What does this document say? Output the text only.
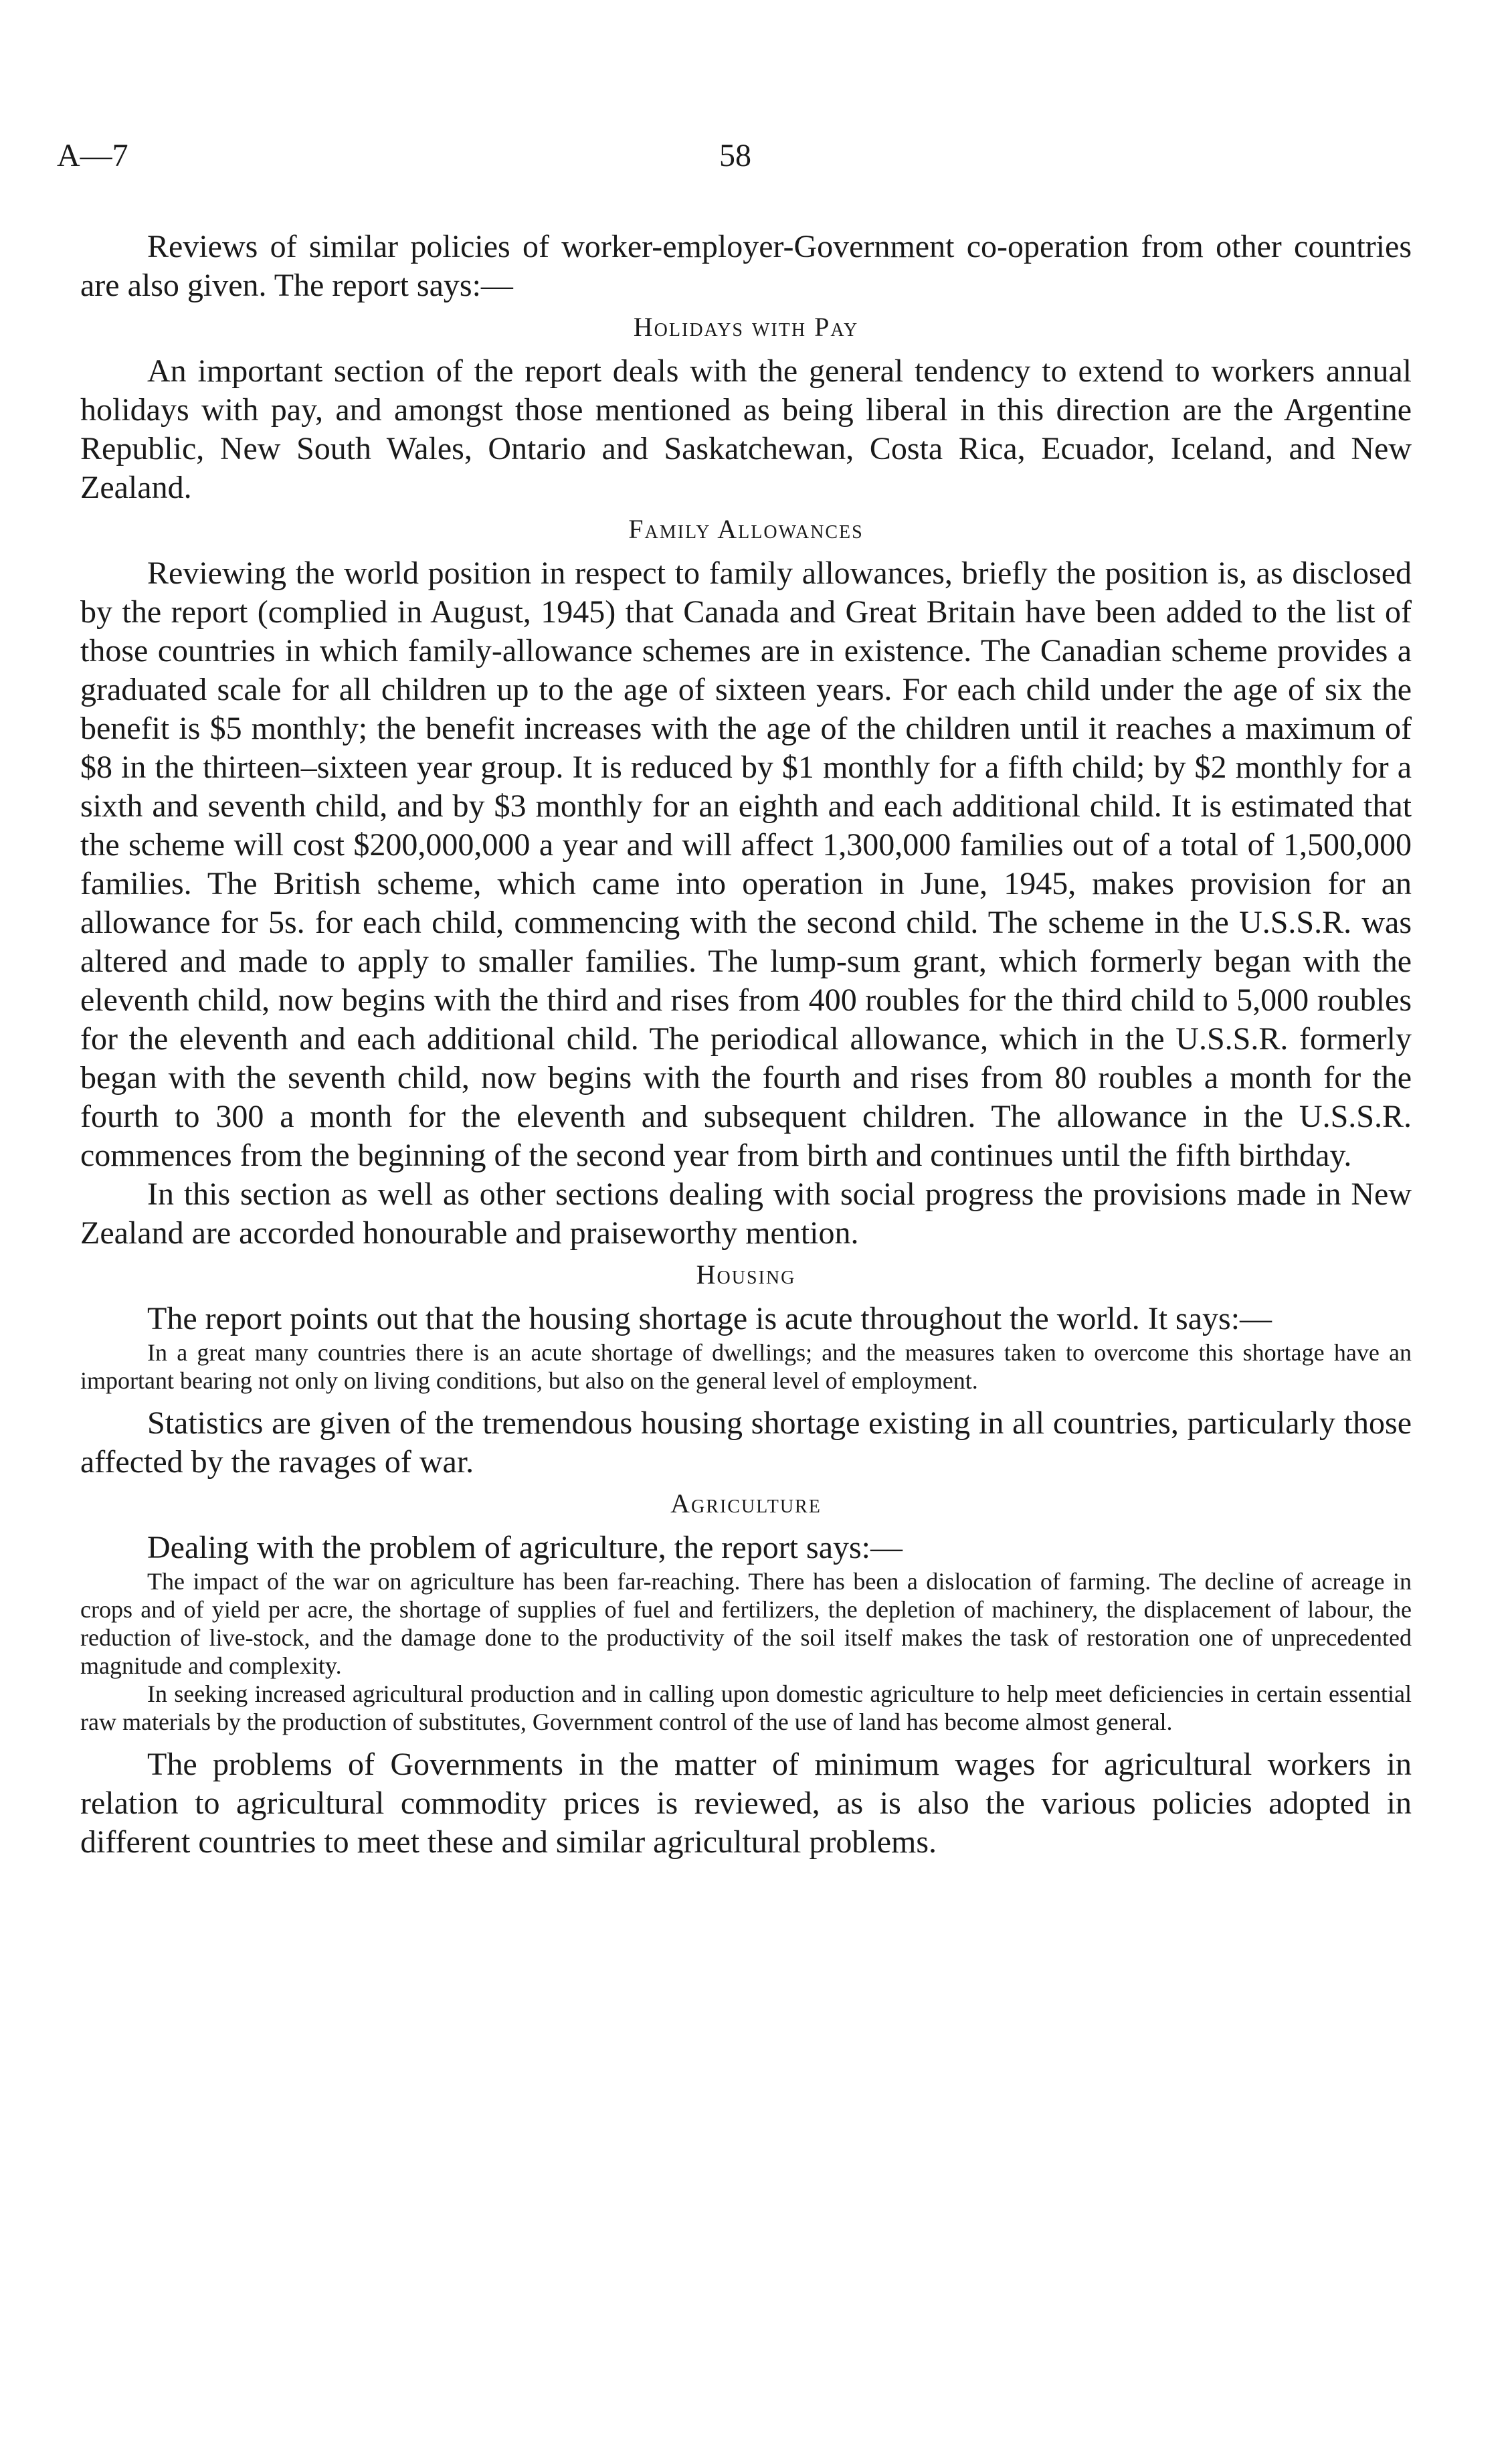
A—7	58

Reviews of similar policies of worker-employer-Government co-operation from other countries are also given. The report says:—

Holidays with Pay

An important section of the report deals with the general tendency to extend to workers annual holidays with pay, and amongst those mentioned as being liberal in this direction are the Argentine Republic, New South Wales, Ontario and Saskatchewan, Costa Rica, Ecuador, Iceland, and New Zealand.

Family Allowances

Reviewing the world position in respect to family allowances, briefly the position is, as disclosed by the report (complied in August, 1945) that Canada and Great Britain have been added to the list of those countries in which family-allowance schemes are in existence. The Canadian scheme provides a graduated scale for all children up to the age of sixteen years. For each child under the age of six the benefit is $5 monthly; the benefit increases with the age of the children until it reaches a maximum of $8 in the thirteen–sixteen year group. It is reduced by $1 monthly for a fifth child; by $2 monthly for a sixth and seventh child, and by $3 monthly for an eighth and each additional child. It is estimated that the scheme will cost $200,000,000 a year and will affect 1,300,000 families out of a total of 1,500,000 families. The British scheme, which came into operation in June, 1945, makes provision for an allowance for 5s. for each child, commencing with the second child. The scheme in the U.S.S.R. was altered and made to apply to smaller families. The lump-sum grant, which formerly began with the eleventh child, now begins with the third and rises from 400 roubles for the third child to 5,000 roubles for the eleventh and each additional child. The periodical allowance, which in the U.S.S.R. formerly began with the seventh child, now begins with the fourth and rises from 80 roubles a month for the fourth to 300 a month for the eleventh and subsequent children. The allowance in the U.S.S.R. commences from the beginning of the second year from birth and continues until the fifth birthday.

In this section as well as other sections dealing with social progress the provisions made in New Zealand are accorded honourable and praiseworthy mention.

Housing

The report points out that the housing shortage is acute throughout the world. It says:—

In a great many countries there is an acute shortage of dwellings; and the measures taken to overcome this shortage have an important bearing not only on living conditions, but also on the general level of employment.

Statistics are given of the tremendous housing shortage existing in all countries, particularly those affected by the ravages of war.

Agriculture

Dealing with the problem of agriculture, the report says:—

The impact of the war on agriculture has been far-reaching. There has been a dislocation of farming. The decline of acreage in crops and of yield per acre, the shortage of supplies of fuel and fertilizers, the depletion of machinery, the displacement of labour, the reduction of live-stock, and the damage done to the productivity of the soil itself makes the task of restoration one of unprecedented magnitude and complexity.

In seeking increased agricultural production and in calling upon domestic agriculture to help meet deficiencies in certain essential raw materials by the production of substitutes, Government control of the use of land has become almost general.

The problems of Governments in the matter of minimum wages for agricultural workers in relation to agricultural commodity prices is reviewed, as is also the various policies adopted in different countries to meet these and similar agricultural problems.
